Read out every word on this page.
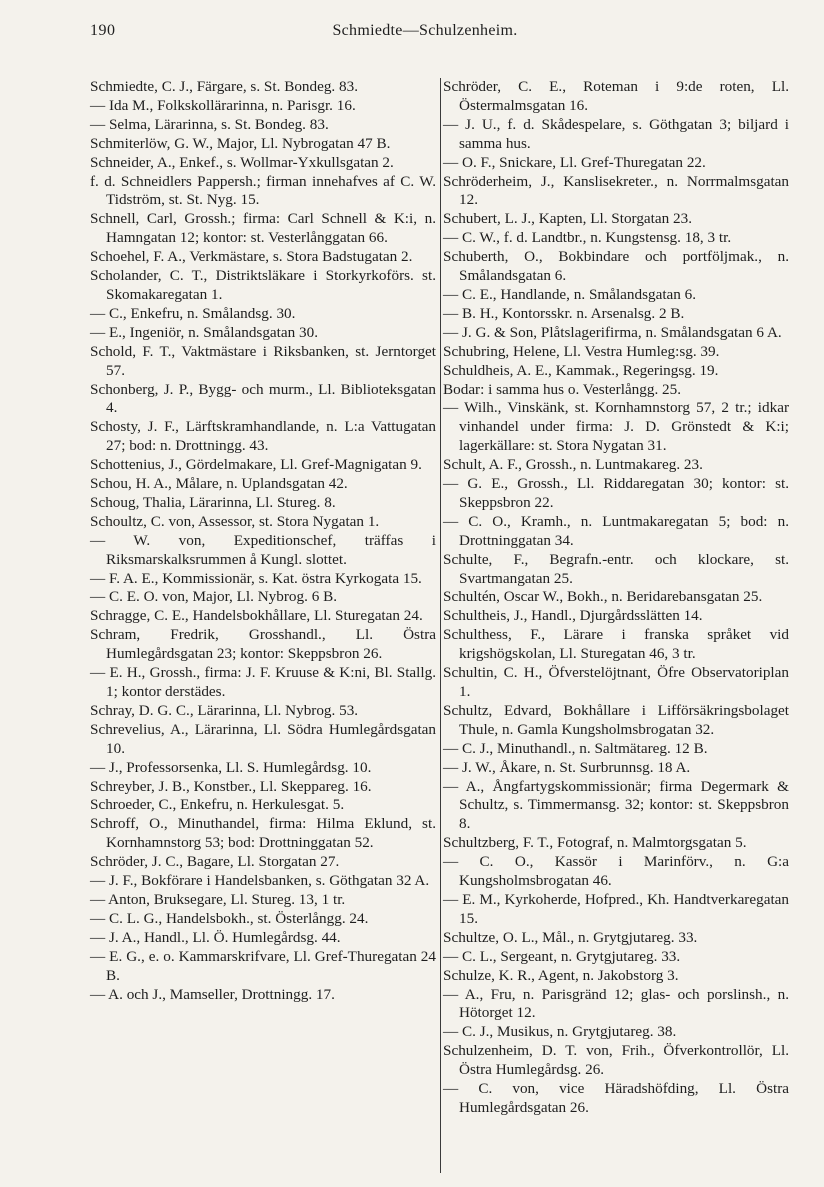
190	Schmiedte—Schulzenheim.

Schmiedte, C. J., Färgare, s. St. Bondeg. 83.

— Ida M., Folkskollärarinna, n. Parisgr. 16.

— Selma, Lärarinna, s. St. Bondeg. 83.

Schmiterlöw, G. W., Major, Ll. Nybrogatan 47 B.

Schneider, A., Enkef., s. Wollmar-Yxkullsgatan 2.

f. d. Schneidlers Pappersh.; firman innehafves af C. W. Tidström, st. St. Nyg. 15.

Schnell, Carl, Grossh.; firma: Carl Schnell & K:i, n. Hamngatan 12; kontor: st. Vesterlånggatan 66.

Schoehel, F. A., Verkmästare, s. Stora Badstugatan 2.

Scholander, C. T., Distriktsläkare i Storkyrkoförs. st. Skomakaregatan 1.

— C., Enkefru, n. Smålandsg. 30.

— E., Ingeniör, n. Smålandsgatan 30.

Schold, F. T., Vaktmästare i Riksbanken, st. Jerntorget 57.

Schonberg, J. P., Bygg- och murm., Ll. Biblioteksgatan 4.

Schosty, J. F., Lärftskramhandlande, n. L:a Vattugatan 27; bod: n. Drottningg. 43.

Schottenius, J., Gördelmakare, Ll. Gref-Magnigatan 9.

Schou, H. A., Målare, n. Uplandsgatan 42.

Schoug, Thalia, Lärarinna, Ll. Stureg. 8.

Schoultz, C. von, Assessor, st. Stora Nygatan 1.

— W. von, Expeditionschef, träffas i Riksmarskalksrummen å Kungl. slottet.

— F. A. E., Kommissionär, s. Kat. östra Kyrkogata 15.

— C. E. O. von, Major, Ll. Nybrog. 6 B.

Schragge, C. E., Handelsbokhållare, Ll. Sturegatan 24.

Schram, Fredrik, Grosshandl., Ll. Östra Humlegårdsgatan 23; kontor: Skeppsbron 26.

— E. H., Grossh., firma: J. F. Kruuse & K:ni, Bl. Stallg. 1; kontor derstädes.

Schray, D. G. C., Lärarinna, Ll. Nybrog. 53.

Schrevelius, A., Lärarinna, Ll. Södra Humlegårdsgatan 10.

— J., Professorsenka, Ll. S. Humlegårdsg. 10.

Schreyber, J. B., Konstber., Ll. Skeppareg. 16.

Schroeder, C., Enkefru, n. Herkulesgat. 5.

Schroff, O., Minuthandel, firma: Hilma Eklund, st. Kornhamnstorg 53; bod: Drottninggatan 52.

Schröder, J. C., Bagare, Ll. Storgatan 27.

— J. F., Bokförare i Handelsbanken, s. Göthgatan 32 A.

— Anton, Bruksegare, Ll. Stureg. 13, 1 tr.

— C. L. G., Handelsbokh., st. Österlångg. 24.

— J. A., Handl., Ll. Ö. Humlegårdsg. 44.

— E. G., e. o. Kammarskrifvare, Ll. Gref-Thuregatan 24 B.

— A. och J., Mamseller, Drottningg. 17.

Schröder, C. E., Roteman i 9:de roten, Ll. Östermalmsgatan 16.

— J. U., f. d. Skådespelare, s. Göthgatan 3; biljard i samma hus.

— O. F., Snickare, Ll. Gref-Thuregatan 22.

Schröderheim, J., Kanslisekreter., n. Norrmalmsgatan 12.

Schubert, L. J., Kapten, Ll. Storgatan 23.

— C. W., f. d. Landtbr., n. Kungstensg. 18, 3 tr.

Schuberth, O., Bokbindare och portföljmak., n. Smålandsgatan 6.

— C. E., Handlande, n. Smålandsgatan 6.

— B. H., Kontorsskr. n. Arsenalsg. 2 B.

— J. G. & Son, Plåtslagerifirma, n. Smålandsgatan 6 A.

Schubring, Helene, Ll. Vestra Humleg:sg. 39.

Schuldheis, A. E., Kammak., Regeringsg. 19.

Bodar: i samma hus o. Vesterlångg. 25.

— Wilh., Vinskänk, st. Kornhamnstorg 57, 2 tr.; idkar vinhandel under firma: J. D. Grönstedt & K:i; lagerkällare: st. Stora Nygatan 31.

Schult, A. F., Grossh., n. Luntmakareg. 23.

— G. E., Grossh., Ll. Riddaregatan 30; kontor: st. Skeppsbron 22.

— C. O., Kramh., n. Luntmakaregatan 5; bod: n. Drottninggatan 34.

Schulte, F., Begrafn.-entr. och klockare, st. Svartmangatan 25.

Schultén, Oscar W., Bokh., n. Beridarebansgatan 25.

Schultheis, J., Handl., Djurgårdsslätten 14.

Schulthess, F., Lärare i franska språket vid krigshögskolan, Ll. Sturegatan 46, 3 tr.

Schultin, C. H., Öfverstelöjtnant, Öfre Observatoriplan 1.

Schultz, Edvard, Bokhållare i Lifförsäkringsbolaget Thule, n. Gamla Kungsholmsbrogatan 32.

— C. J., Minuthandl., n. Saltmätareg. 12 B.

— J. W., Åkare, n. St. Surbrunnsg. 18 A.

— A., Ångfartygskommissionär; firma Degermark & Schultz, s. Timmermansg. 32; kontor: st. Skeppsbron 8.

Schultzberg, F. T., Fotograf, n. Malmtorgsgatan 5.

— C. O., Kassör i Marinförv., n. G:a Kungsholmsbrogatan 46.

— E. M., Kyrkoherde, Hofpred., Kh. Handtverkaregatan 15.

Schultze, O. L., Mål., n. Grytgjutareg. 33.

— C. L., Sergeant, n. Grytgjutareg. 33.

Schulze, K. R., Agent, n. Jakobstorg 3.

— A., Fru, n. Parisgränd 12; glas- och porslinsh., n. Hötorget 12.

— C. J., Musikus, n. Grytgjutareg. 38.

Schulzenheim, D. T. von, Frih., Öfverkontrollör, Ll. Östra Humlegårdsg. 26.

— C. von, vice Häradshöfding, Ll. Östra Humlegårdsgatan 26.
